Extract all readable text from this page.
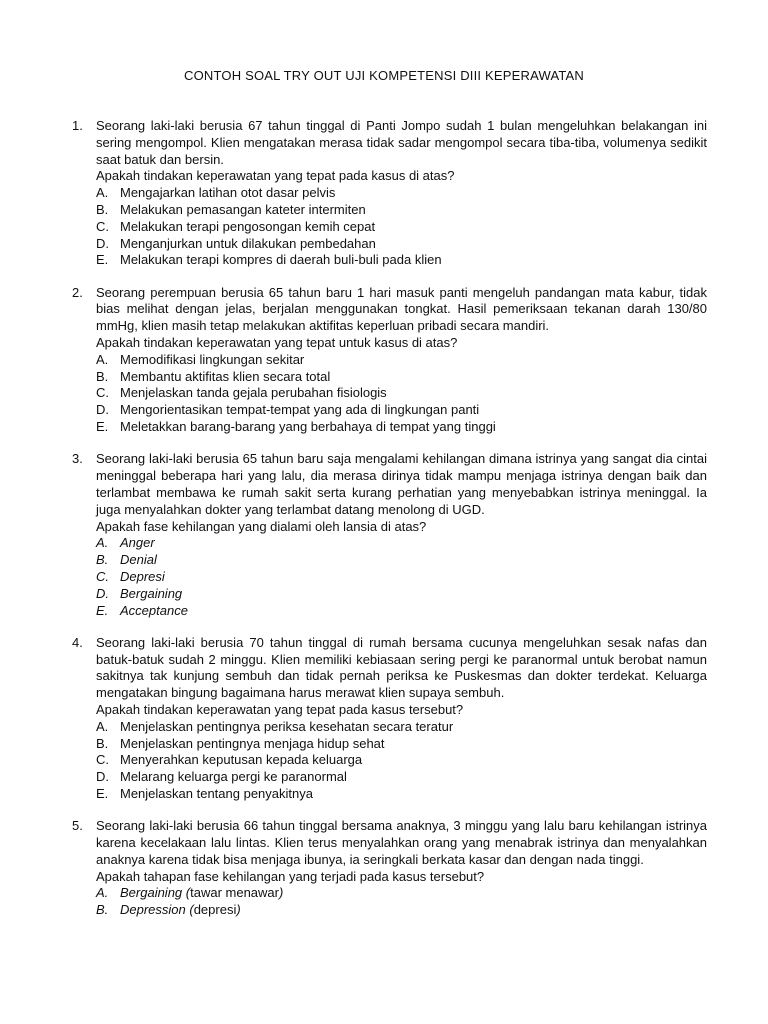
CONTOH SOAL TRY OUT UJI KOMPETENSI DIII KEPERAWATAN
1. Seorang laki-laki berusia 67 tahun tinggal di Panti Jompo sudah 1 bulan mengeluhkan belakangan ini sering mengompol. Klien mengatakan merasa tidak sadar mengompol secara tiba-tiba, volumenya sedikit saat batuk dan bersin.
Apakah tindakan keperawatan yang tepat pada kasus di atas?
A. Mengajarkan latihan otot dasar pelvis
B. Melakukan pemasangan kateter intermiten
C. Melakukan terapi pengosongan kemih cepat
D. Menganjurkan untuk dilakukan pembedahan
E. Melakukan terapi kompres di daerah buli-buli pada klien
2. Seorang perempuan berusia 65 tahun baru 1 hari masuk panti mengeluh pandangan mata kabur, tidak bias melihat dengan jelas, berjalan menggunakan tongkat. Hasil pemeriksaan tekanan darah 130/80 mmHg, klien masih tetap melakukan aktifitas keperluan pribadi secara mandiri.
Apakah tindakan keperawatan yang tepat untuk kasus di atas?
A. Memodifikasi lingkungan sekitar
B. Membantu aktifitas klien secara total
C. Menjelaskan tanda gejala perubahan fisiologis
D. Mengorientasikan tempat-tempat yang ada di lingkungan panti
E. Meletakkan barang-barang yang berbahaya di tempat yang tinggi
3. Seorang laki-laki berusia 65 tahun baru saja mengalami kehilangan dimana istrinya yang sangat dia cintai meninggal beberapa hari yang lalu, dia merasa dirinya tidak mampu menjaga istrinya dengan baik dan terlambat membawa ke rumah sakit serta kurang perhatian yang menyebabkan istrinya meninggal. Ia juga menyalahkan dokter yang terlambat datang menolong di UGD.
Apakah fase kehilangan yang dialami oleh lansia di atas?
A. Anger
B. Denial
C. Depresi
D. Bergaining
E. Acceptance
4. Seorang laki-laki berusia 70 tahun tinggal di rumah bersama cucunya mengeluhkan sesak nafas dan batuk-batuk sudah 2 minggu. Klien memiliki kebiasaan sering pergi ke paranormal untuk berobat namun sakitnya tak kunjung sembuh dan tidak pernah periksa ke Puskesmas dan dokter terdekat. Keluarga mengatakan bingung bagaimana harus merawat klien supaya sembuh.
Apakah tindakan keperawatan yang tepat pada kasus tersebut?
A. Menjelaskan pentingnya periksa kesehatan secara teratur
B. Menjelaskan pentingnya menjaga hidup sehat
C. Menyerahkan keputusan kepada keluarga
D. Melarang keluarga pergi ke paranormal
E. Menjelaskan tentang penyakitnya
5. Seorang laki-laki berusia 66 tahun tinggal bersama anaknya, 3 minggu yang lalu baru kehilangan istrinya karena kecelakaan lalu lintas. Klien terus menyalahkan orang yang menabrak istrinya dan menyalahkan anaknya karena tidak bisa menjaga ibunya, ia seringkali berkata kasar dan dengan nada tinggi.
Apakah tahapan fase kehilangan yang terjadi pada kasus tersebut?
A. Bergaining (tawar menawar)
B. Depression (depresi)
